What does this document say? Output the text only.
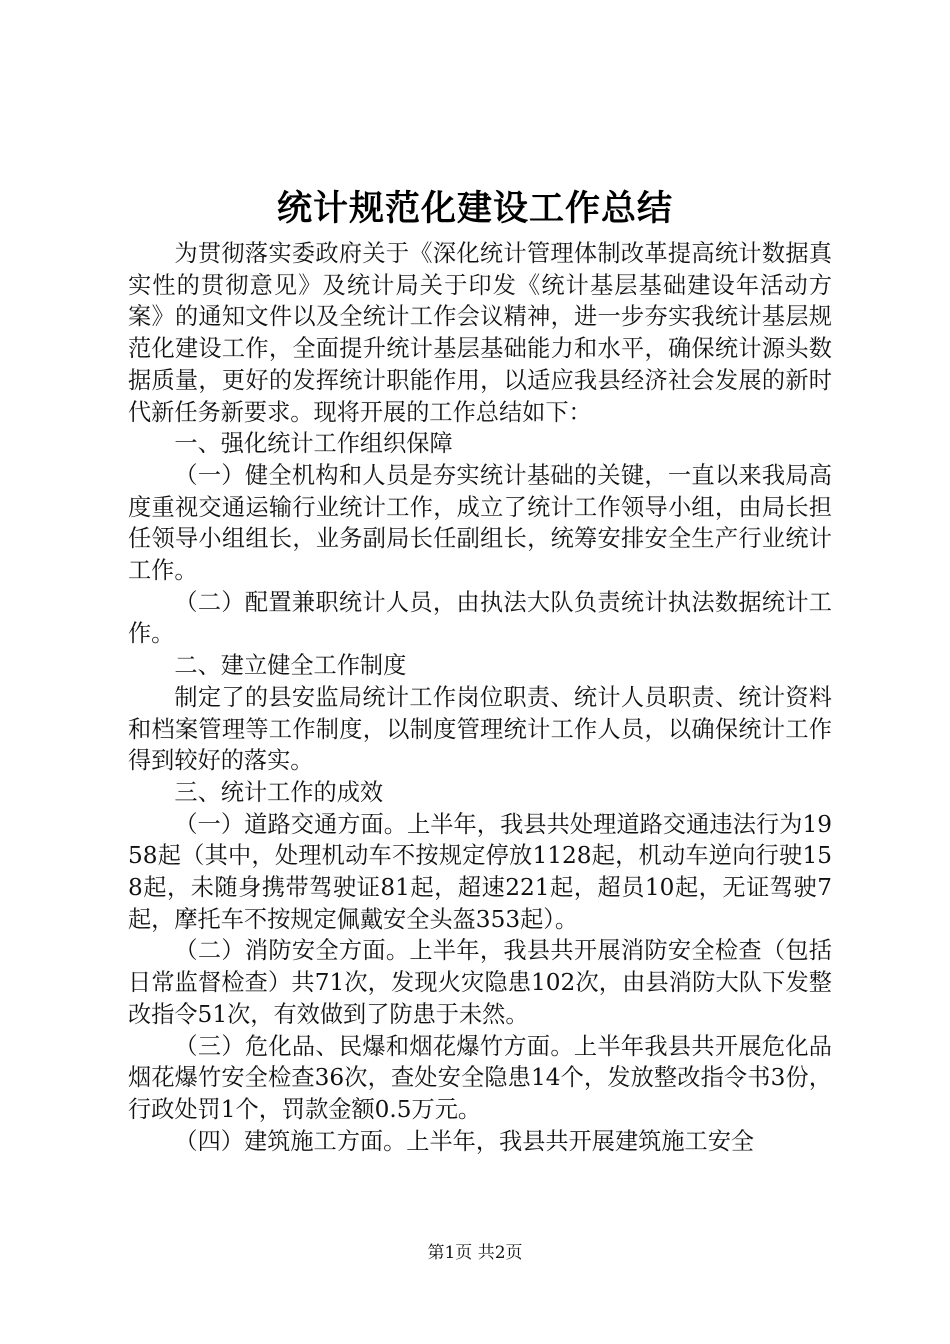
统计规范化建设工作总结

为贯彻落实委政府关于《深化统计管理体制改革提高统计数据真实性的贯彻意见》及统计局关于印发《统计基层基础建设年活动方案》的通知文件以及全统计工作会议精神，进一步夯实我统计基层规范化建设工作，全面提升统计基层基础能力和水平，确保统计源头数据质量，更好的发挥统计职能作用，以适应我县经济社会发展的新时代新任务新要求。现将开展的工作总结如下：

一、强化统计工作组织保障

（一）健全机构和人员是夯实统计基础的关键，一直以来我局高度重视交通运输行业统计工作，成立了统计工作领导小组，由局长担任领导小组组长，业务副局长任副组长，统筹安排安全生产行业统计工作。

（二）配置兼职统计人员，由执法大队负责统计执法数据统计工作。

二、建立健全工作制度

制定了的县安监局统计工作岗位职责、统计人员职责、统计资料和档案管理等工作制度，以制度管理统计工作人员，以确保统计工作得到较好的落实。

三、统计工作的成效

（一）道路交通方面。上半年，我县共处理道路交通违法行为1958起（其中，处理机动车不按规定停放1128起，机动车逆向行驶158起，未随身携带驾驶证81起，超速221起，超员10起，无证驾驶7起，摩托车不按规定佩戴安全头盔353起）。

（二）消防安全方面。上半年，我县共开展消防安全检查（包括日常监督检查）共71次，发现火灾隐患102次，由县消防大队下发整改指令51次，有效做到了防患于未然。

（三）危化品、民爆和烟花爆竹方面。上半年我县共开展危化品烟花爆竹安全检查36次，查处安全隐患14个，发放整改指令书3份，行政处罚1个，罚款金额0.5万元。

（四）建筑施工方面。上半年，我县共开展建筑施工安全

第1页 共2页
